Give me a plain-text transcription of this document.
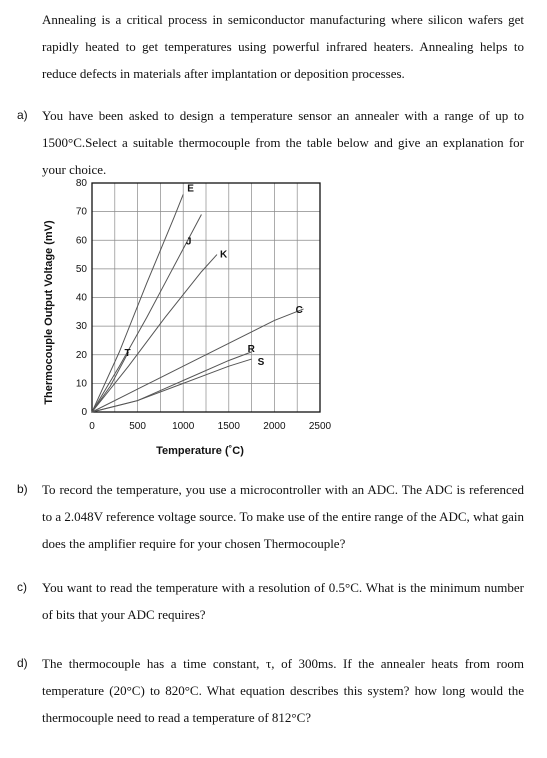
Annealing is a critical process in semiconductor manufacturing where silicon wafers get rapidly heated to get temperatures using powerful infrared heaters. Annealing helps to reduce defects in materials after implantation or deposition processes.

a) You have been asked to design a temperature sensor an annealer with a range of up to 1500°C.Select a suitable thermocouple from the table below and give an explanation for your choice.

0
10
20
30
40
50
60
70
80
0	500	1000 1500 2000 2500
Temperature (˚C)
Thermocouple Output Voltage (mV)
E
J
K
T
C
R
S
b) To record the temperature, you use a microcontroller with an ADC. The ADC is referenced to a 2.048V reference voltage source. To make use of the entire range of the ADC, what gain does the amplifier require for your chosen Thermocouple?

c) You want to read the temperature with a resolution of 0.5°C. What is the minimum number of bits that your ADC requires?

d) The thermocouple has a time constant, τ, of 300ms. If the annealer heats from room temperature (20°C) to 820°C. What equation describes this system? how long would the thermocouple need to read a temperature of 812°C?
